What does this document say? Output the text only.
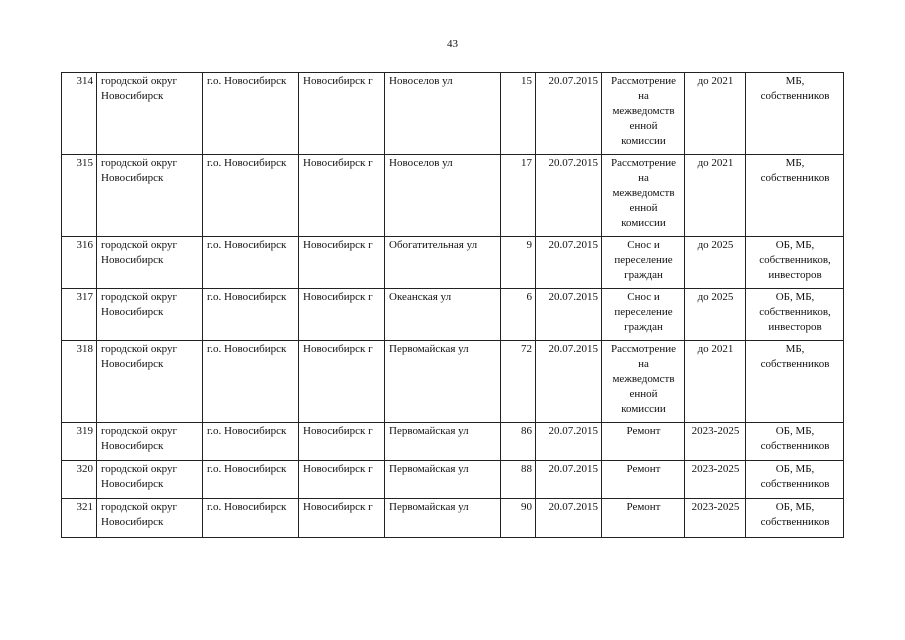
43
314	городской округ Новосибирск	г.о. Новосибирск	Новосибирск г	Новоселов ул	15	20.07.2015	Рассмотрение на межведомств енной комиссии	до 2021	МБ, собственников
315	городской округ Новосибирск	г.о. Новосибирск	Новосибирск г	Новоселов ул	17	20.07.2015	Рассмотрение на межведомств енной комиссии	до 2021	МБ, собственников
316	городской округ Новосибирск	г.о. Новосибирск	Новосибирск г	Обогатительная ул	9	20.07.2015	Снос и переселение граждан	до 2025	ОБ, МБ, собственников, инвесторов
317	городской округ Новосибирск	г.о. Новосибирск	Новосибирск г	Океанская ул	6	20.07.2015	Снос и переселение граждан	до 2025	ОБ, МБ, собственников, инвесторов
318	городской округ Новосибирск	г.о. Новосибирск	Новосибирск г	Первомайская ул	72	20.07.2015	Рассмотрение на межведомств енной комиссии	до 2021	МБ, собственников
319	городской округ Новосибирск	г.о. Новосибирск	Новосибирск г	Первомайская ул	86	20.07.2015	Ремонт	2023-2025	ОБ, МБ, собственников
320	городской округ Новосибирск	г.о. Новосибирск	Новосибирск г	Первомайская ул	88	20.07.2015	Ремонт	2023-2025	ОБ, МБ, собственников
321	городской округ Новосибирск	г.о. Новосибирск	Новосибирск г	Первомайская ул	90	20.07.2015	Ремонт	2023-2025	ОБ, МБ, собственников
